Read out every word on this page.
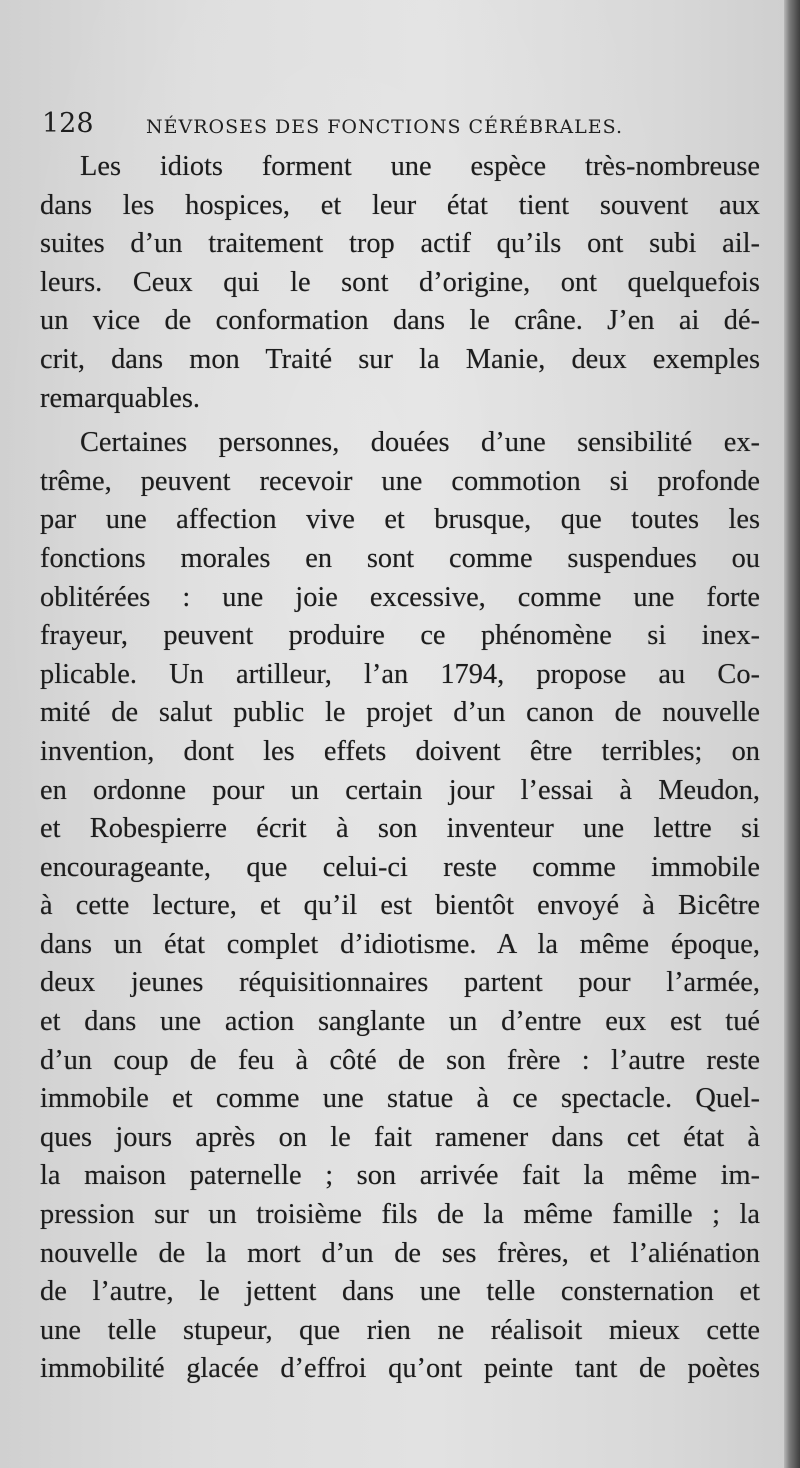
128	NÉVROSES DES FONCTIONS CÉRÉBRALES.
Les idiots forment une espèce très-nombreuse
dans les hospices, et leur état tient souvent aux
suites d’un traitement trop actif qu’ils ont subi ail-
leurs. Ceux qui le sont d’origine, ont quelquefois
un vice de conformation dans le crâne. J’en ai dé-
crit, dans mon Traité sur la Manie, deux exemples
remarquables.
Certaines personnes, douées d’une sensibilité ex-
trême, peuvent recevoir une commotion si profonde
par une affection vive et brusque, que toutes les
fonctions morales en sont comme suspendues ou
oblitérées : une joie excessive, comme une forte
frayeur, peuvent produire ce phénomène si inex-
plicable. Un artilleur, l’an 1794, propose au Co-
mité de salut public le projet d’un canon de nouvelle
invention, dont les effets doivent être terribles; on
en ordonne pour un certain jour l’essai à Meudon,
et Robespierre écrit à son inventeur une lettre si
encourageante, que celui-ci reste comme immobile
à cette lecture, et qu’il est bientôt envoyé à Bicêtre
dans un état complet d’idiotisme. A la même époque,
deux jeunes réquisitionnaires partent pour l’armée,
et dans une action sanglante un d’entre eux est tué
d’un coup de feu à côté de son frère : l’autre reste
immobile et comme une statue à ce spectacle. Quel-
ques jours après on le fait ramener dans cet état à
la maison paternelle ; son arrivée fait la même im-
pression sur un troisième fils de la même famille ; la
nouvelle de la mort d’un de ses frères, et l’aliénation
de l’autre, le jettent dans une telle consternation et
une telle stupeur, que rien ne réalisoit mieux cette
immobilité glacée d’effroi qu’ont peinte tant de poètes
